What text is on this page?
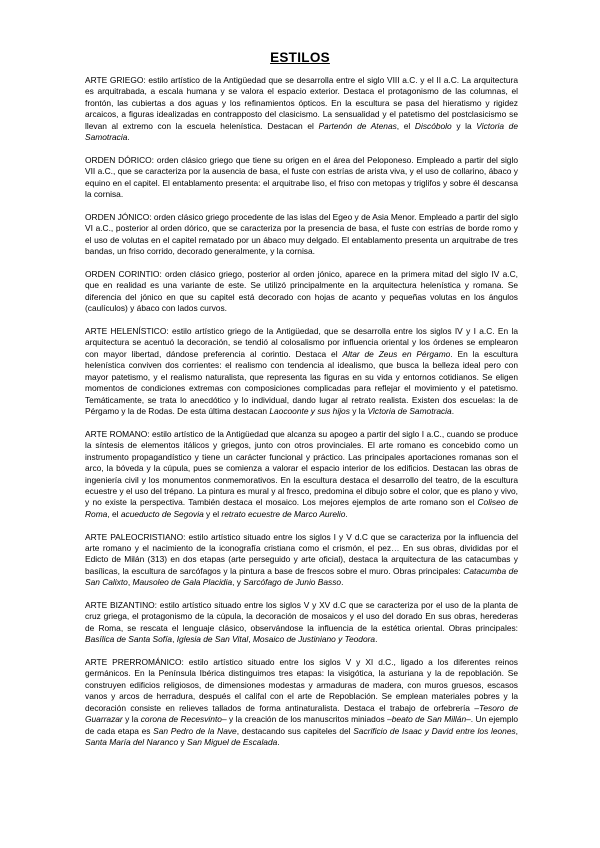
ESTILOS

ARTE GRIEGO: estilo artístico de la Antigüedad que se desarrolla entre el siglo VIII a.C. y el II a.C. La arquitectura es arquitrabada, a escala humana y se valora el espacio exterior. Destaca el protagonismo de las columnas, el frontón, las cubiertas a dos aguas y los refinamientos ópticos. En la escultura se pasa del hieratismo y rigidez arcaicos, a figuras idealizadas en contrapposto del clasicismo. La sensualidad y el patetismo del postclasicismo se llevan al extremo con la escuela helenística. Destacan el Partenón de Atenas, el Discóbolo y la Victoria de Samotracia.

ORDEN DÓRICO: orden clásico griego que tiene su origen en el área del Peloponeso. Empleado a partir del siglo VII a.C., que se caracteriza por la ausencia de basa, el fuste con estrías de arista viva, y el uso de collarino, ábaco y equino en el capitel. El entablamento presenta: el arquitrabe liso, el friso con metopas y triglifos y sobre él descansa la cornisa.

ORDEN JÓNICO: orden clásico griego procedente de las islas del Egeo y de Asia Menor. Empleado a partir del siglo VI a.C., posterior al orden dórico, que se caracteriza por la presencia de basa, el fuste con estrías de borde romo y el uso de volutas en el capitel rematado por un ábaco muy delgado. El entablamento presenta un arquitrabe de tres bandas, un friso corrido, decorado generalmente, y la cornisa.

ORDEN CORINTIO: orden clásico griego, posterior al orden jónico, aparece en la primera mitad del siglo IV a.C, que en realidad es una variante de este. Se utilizó principalmente en la arquitectura helenística y romana. Se diferencia del jónico en que su capitel está decorado con hojas de acanto y pequeñas volutas en los ángulos (caulículos) y ábaco con lados curvos.

ARTE HELENÍSTICO: estilo artístico griego de la Antigüedad, que se desarrolla entre los siglos IV y I a.C. En la arquitectura se acentuó la decoración, se tendió al colosalismo por influencia oriental y los órdenes se emplearon con mayor libertad, dándose preferencia al corintio. Destaca el Altar de Zeus en Pérgamo. En la escultura helenística conviven dos corrientes: el realismo con tendencia al idealismo, que busca la belleza ideal pero con mayor patetismo, y el realismo naturalista, que representa las figuras en su vida y entornos cotidianos. Se eligen momentos de condiciones extremas con composiciones complicadas para reflejar el movimiento y el patetismo. Temáticamente, se trata lo anecdótico y lo individual, dando lugar al retrato realista. Existen dos escuelas: la de Pérgamo y la de Rodas. De esta última destacan Laocoonte y sus hijos y la Victoria de Samotracia.

ARTE ROMANO: estilo artístico de la Antigüedad que alcanza su apogeo a partir del siglo I a.C., cuando se produce la síntesis de elementos itálicos y griegos, junto con otros provinciales. El arte romano es concebido como un instrumento propagandístico y tiene un carácter funcional y práctico. Las principales aportaciones romanas son el arco, la bóveda y la cúpula, pues se comienza a valorar el espacio interior de los edificios. Destacan las obras de ingeniería civil y los monumentos conmemorativos. En la escultura destaca el desarrollo del teatro, de la escultura ecuestre y el uso del trépano. La pintura es mural y al fresco, predomina el dibujo sobre el color, que es plano y vivo, y no existe la perspectiva. También destaca el mosaico. Los mejores ejemplos de arte romano son el Coliseo de Roma, el acueducto de Segovia y el retrato ecuestre de Marco Aurelio.

ARTE PALEOCRISTIANO: estilo artístico situado entre los siglos I y V d.C que se caracteriza por la influencia del arte romano y el nacimiento de la iconografía cristiana como el crismón, el pez… En sus obras, divididas por el Edicto de Milán (313) en dos etapas (arte perseguido y arte oficial), destaca la arquitectura de las catacumbas y basílicas, la escultura de sarcófagos y la pintura a base de frescos sobre el muro. Obras principales: Catacumba de San Calixto, Mausoleo de Gala Placidia, y Sarcófago de Junio Basso.

ARTE BIZANTINO: estilo artístico situado entre los siglos V y XV d.C que se caracteriza por el uso de la planta de cruz griega, el protagonismo de la cúpula, la decoración de mosaicos y el uso del dorado En sus obras, herederas de Roma, se rescata el lenguaje clásico, observándose la influencia de la estética oriental. Obras principales: Basílica de Santa Sofía, Iglesia de San Vital, Mosaico de Justiniano y Teodora.

ARTE PRERROMÁNICO: estilo artístico situado entre los siglos V y XI d.C., ligado a los diferentes reinos germánicos. En la Península Ibérica distinguimos tres etapas: la visigótica, la asturiana y la de repoblación. Se construyen edificios religiosos, de dimensiones modestas y armaduras de madera, con muros gruesos, escasos vanos y arcos de herradura, después el califal con el arte de Repoblación. Se emplean materiales pobres y la decoración consiste en relieves tallados de forma antinaturalista. Destaca el trabajo de orfebrería –Tesoro de Guarrazar y la corona de Recesvinto– y la creación de los manuscritos miniados –beato de San Millán–. Un ejemplo de cada etapa es San Pedro de la Nave, destacando sus capiteles del Sacrificio de Isaac y David entre los leones, Santa María del Naranco y San Miguel de Escalada.
